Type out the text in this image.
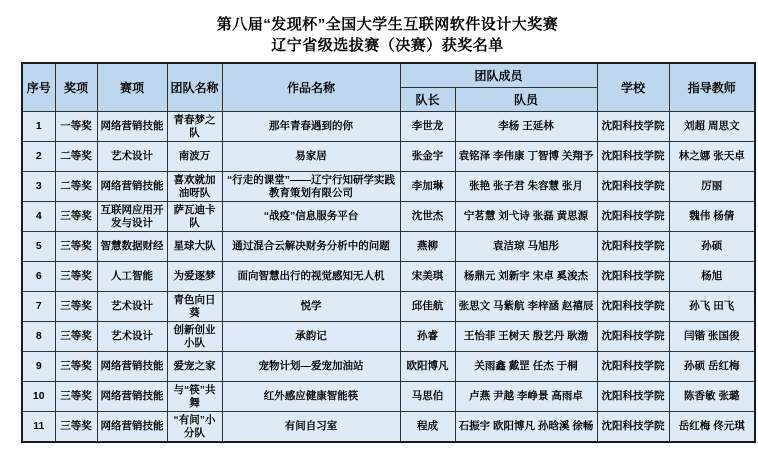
第八届“发现杯”全国大学生互联网软件设计大奖赛
辽宁省级选拔赛（决赛）获奖名单
序号	奖项	赛项	团队名称	作品名称	团队成员		学校	指导教师
					队长	队员		
1	一等奖	网络营销技能	青春梦之队	那年青春遇到的你	李世龙	李杨 王延林	沈阳科技学院	刘超 周思文
2	二等奖	艺术设计	南波万	易家居	张金宇	袁铭泽 李伟康 丁智博 关翔予	沈阳科技学院	林之娜 张天卓
3	二等奖	网络营销技能	喜欢就加油呀队	“行走的课堂”——辽宁行知研学实践教育策划有限公司	李加琳	张艳 张子君 朱容慧 张月	沈阳科技学院	厉丽
4	三等奖	互联网应用开发与设计	萨瓦迪卡队	“战疫”信息服务平台	沈世杰	宁茗慧 刘弋诗 张磊 黄思源	沈阳科技学院	魏伟 杨倩
5	三等奖	智慧数据财经	星球大队	通过混合云解决财务分析中的问题	燕柳	袁洁琼 马旭彤	沈阳科技学院	孙硕
6	三等奖	人工智能	为爱逐梦	面向智慧出行的视觉感知无人机	宋美琪	杨鼎元 刘新宇 宋卓 奚浚杰	沈阳科技学院	杨旭
7	三等奖	艺术设计	青色向日葵	悦学	邱佳航	张思文 马紫航 李梓涵 赵禧辰	沈阳科技学院	孙飞 田飞
8	三等奖	艺术设计	创新创业小队	承韵记	孙睿	王怡菲 王树天 殷艺丹 耿渤	沈阳科技学院	闫锴 张国俊
9	三等奖	网络营销技能	爱宠之家	宠物计划—爱宠加油站	欧阳博凡	关雨鑫 戴罡 任杰 于桐	沈阳科技学院	孙硕 岳红梅
10	三等奖	网络营销技能	与“筷”共舞	红外感应健康智能筷	马思伯	卢燕 尹越 李峥景 高雨卓	沈阳科技学院	陈香敏 张璐
11	三等奖	网络营销技能	“有间”小分队	有间自习室	程成	石振宇 欧阳博凡 孙晗溪 徐畅	沈阳科技学院	岳红梅 佟元琪
